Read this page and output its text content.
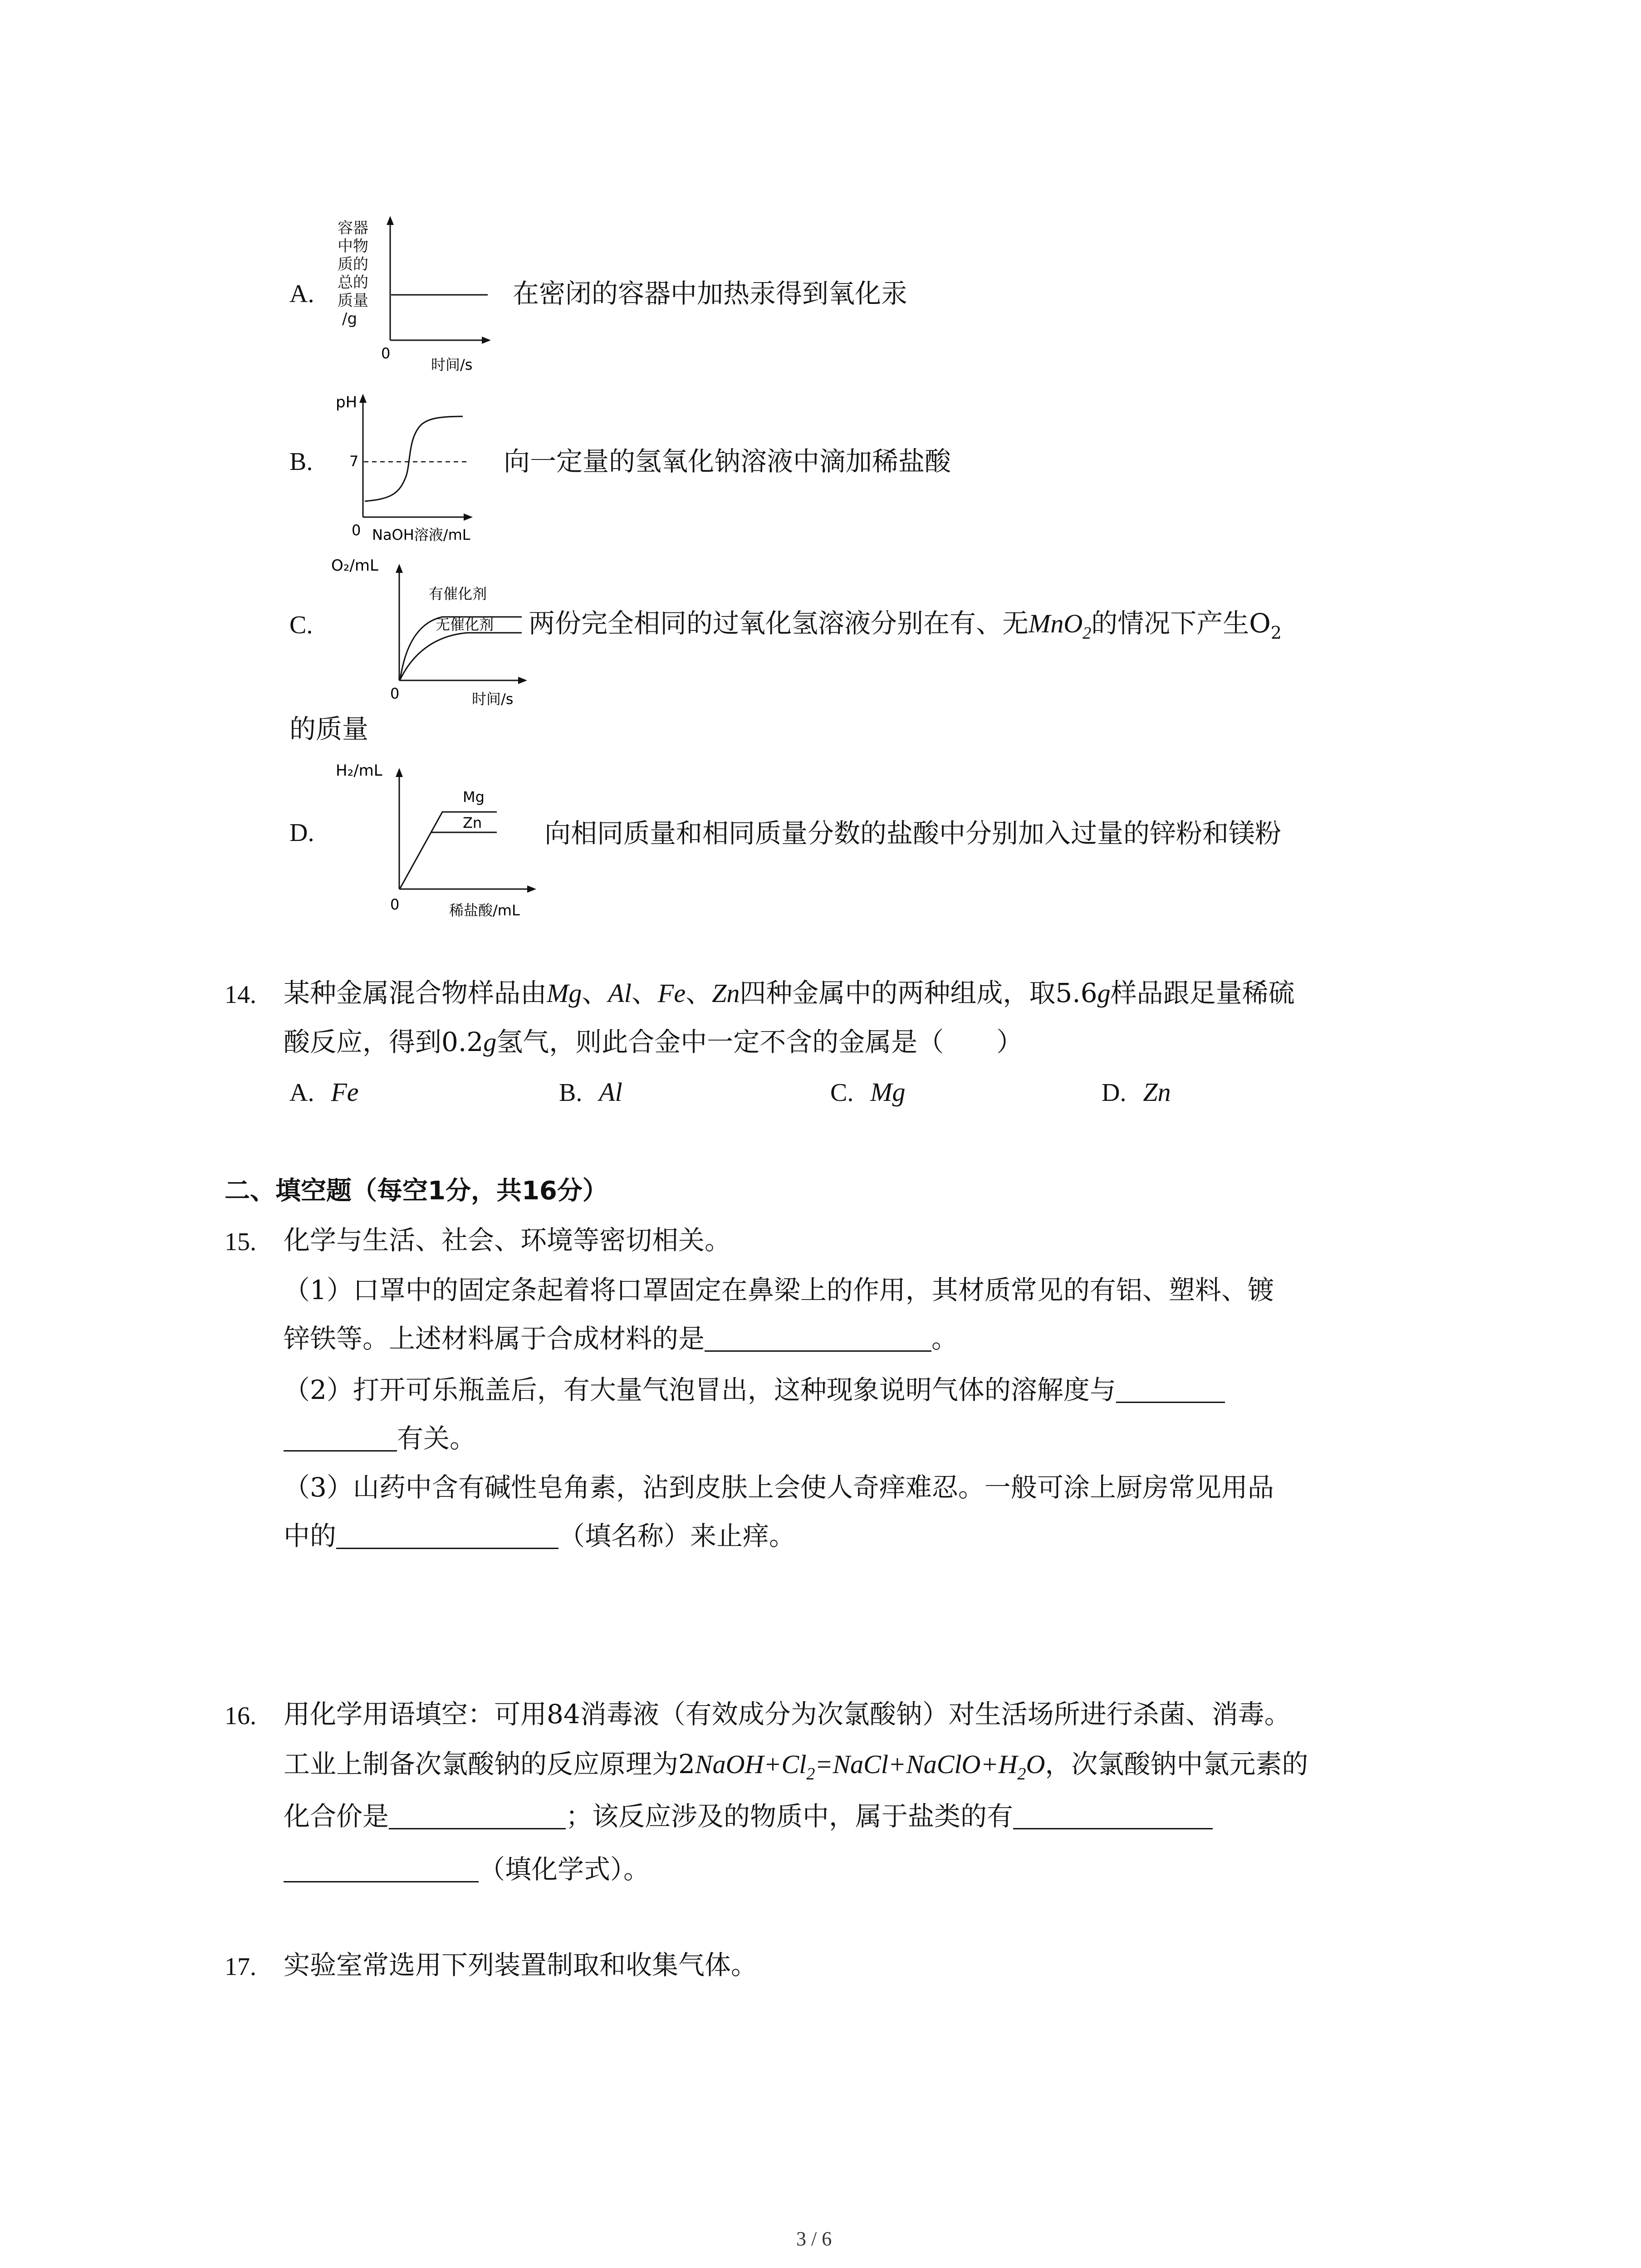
A.
容器
中物
质的
总的
质量
/g
0
时间/s
在密闭的容器中加热汞得到氧化汞
B.
pH
7
0 NaOH溶液/mL
向一定量的氢氧化钠溶液中滴加稀盐酸
C.
O₂/mL
有催化剂
无催化剂
0	时间/s
两份完全相同的过氧化氢溶液分别在有、无MnO$_2$的情况下产生$O_2$
的质量
D.
H₂/mL
Mg
Zn
0	稀盐酸/mL
向相同质量和相同质量分数的盐酸中分别加入过量的锌粉和镁粉
14. 某种金属混合物样品由Mg、Al、Fe、Zn四种金属中的两种组成，取5.6g样品跟足量稀硫
酸反应，得到0.2g氢气，则此合金中一定不含的金属是（　　）
A. Fe	B. Al	C. Mg	D. Zn
二、填空题（每空1分，共16分）
15. 化学与生活、社会、环境等密切相关。
（1）口罩中的固定条起着将口罩固定在鼻梁上的作用，其材质常见的有铝、塑料、镀
锌铁等。上述材料属于合成材料的是	。
（2）打开可乐瓶盖后，有大量气泡冒出，这种现象说明气体的溶解度与
有关。
（3）山药中含有碱性皂角素，沾到皮肤上会使人奇痒难忍。一般可涂上厨房常见用品
中的	（填名称）来止痒。
16. 用化学用语填空：可用84消毒液（有效成分为次氯酸钠）对生活场所进行杀菌、消毒。
工业上制备次氯酸钠的反应原理为$2NaOH+Cl_2=NaCl+NaClO+H_2O$，次氯酸钠中氯元素的
化合价是	；该反应涉及的物质中，属于盐类的有
（填化学式）。
17. 实验室常选用下列装置制取和收集气体。
3 / 6
